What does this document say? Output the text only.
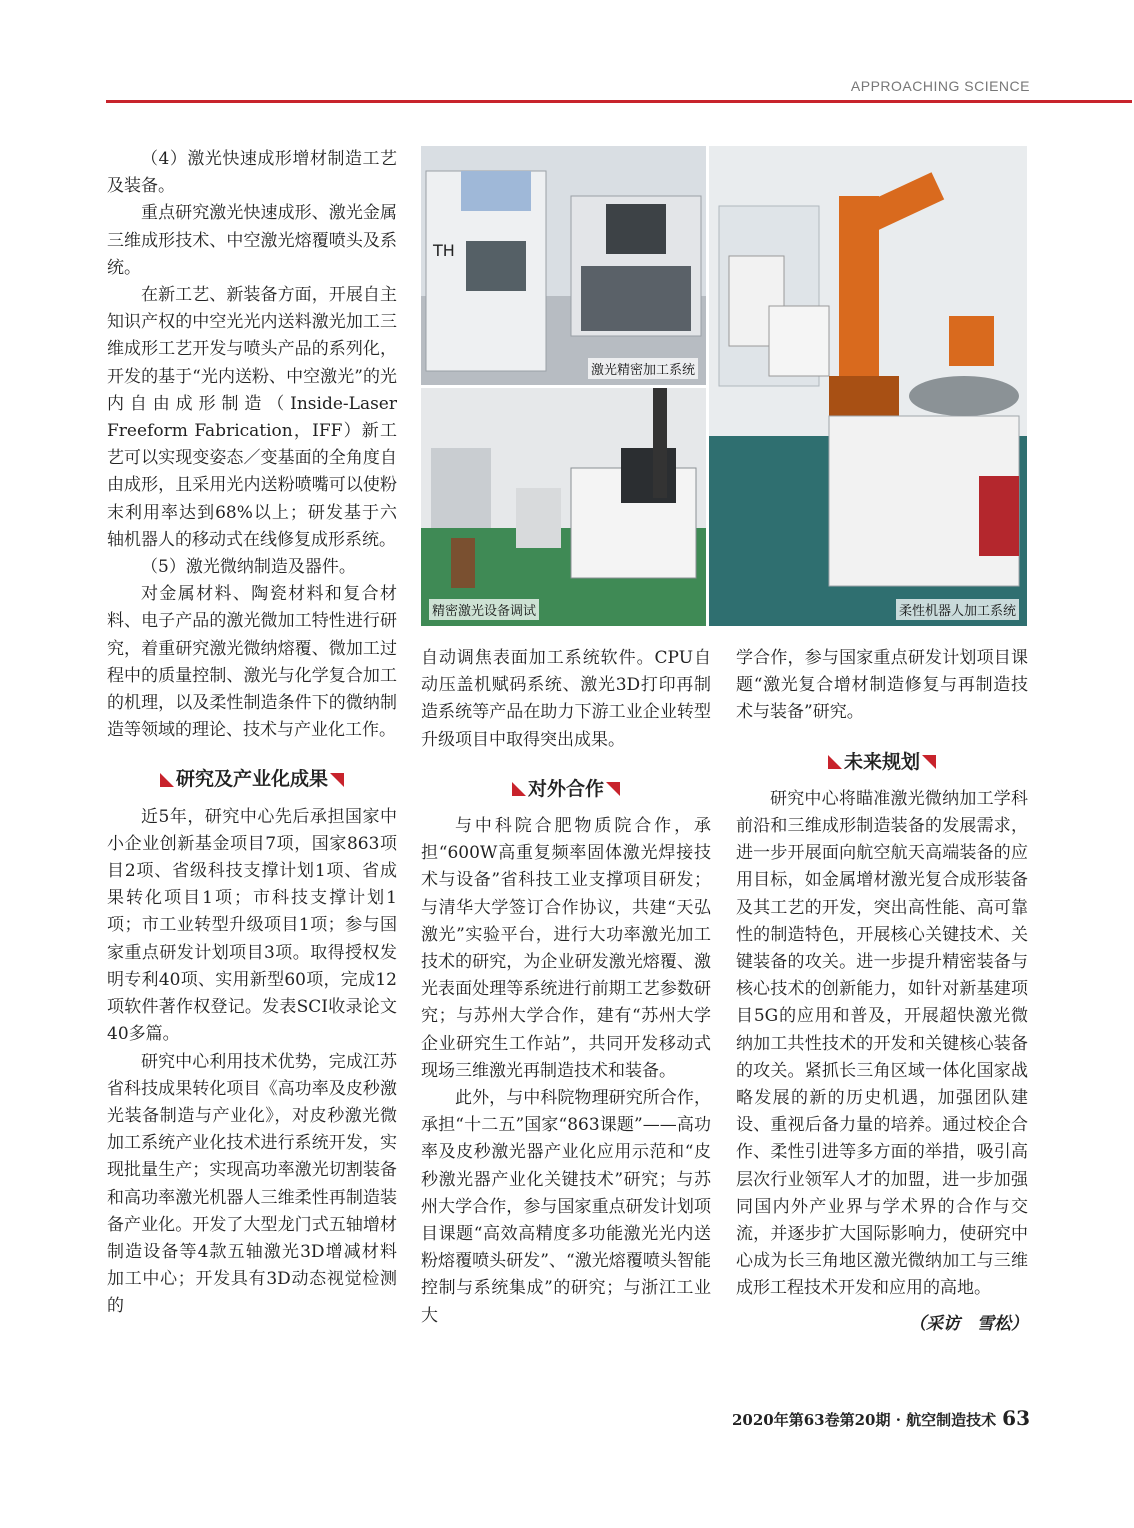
APPROACHING SCIENCE

（4）激光快速成形增材制造工艺及装备。

重点研究激光快速成形、激光金属三维成形技术、中空激光熔覆喷头及系统。

在新工艺、新装备方面，开展自主知识产权的中空光光内送料激光加工三维成形工艺开发与喷头产品的系列化，开发的基于“光内送粉、中空激光”的光内自由成形制造（Inside-Laser Freeform Fabrication，IFF）新工艺可以实现变姿态／变基面的全角度自由成形，且采用光内送粉喷嘴可以使粉末利用率达到68%以上；研发基于六轴机器人的移动式在线修复成形系统。

（5）激光微纳制造及器件。

对金属材料、陶瓷材料和复合材料、电子产品的激光微加工特性进行研究，着重研究激光微纳熔覆、微加工过程中的质量控制、激光与化学复合加工的机理，以及柔性制造条件下的微纳制造等领域的理论、技术与产业化工作。

研究及产业化成果

近5年，研究中心先后承担国家中小企业创新基金项目7项，国家863项目2项、省级科技支撑计划1项、省成果转化项目1项；市科技支撑计划1项；市工业转型升级项目1项；参与国家重点研发计划项目3项。取得授权发明专利40项、实用新型60项，完成12项软件著作权登记。发表SCI收录论文40多篇。

研究中心利用技术优势，完成江苏省科技成果转化项目《高功率及皮秒激光装备制造与产业化》，对皮秒激光微加工系统产业化技术进行系统开发，实现批量生产；实现高功率激光切割装备和高功率激光机器人三维柔性再制造装备产业化。开发了大型龙门式五轴增材制造设备等4款五轴激光3D增减材料加工中心；开发具有3D动态视觉检测的

TH
激光精密加工系统
精密激光设备调试	柔性机器人加工系统

自动调焦表面加工系统软件。CPU自动压盖机赋码系统、激光3D打印再制造系统等产品在助力下游工业企业转型升级项目中取得突出成果。

对外合作

与中科院合肥物质院合作，承担“600W高重复频率固体激光焊接技术与设备”省科技工业支撑项目研发；与清华大学签订合作协议，共建“天弘激光”实验平台，进行大功率激光加工技术的研究，为企业研发激光熔覆、激光表面处理等系统进行前期工艺参数研究；与苏州大学合作，建有“苏州大学企业研究生工作站”，共同开发移动式现场三维激光再制造技术和装备。

此外，与中科院物理研究所合作，承担“十二五”国家“863课题”——高功率及皮秒激光器产业化应用示范和“皮秒激光器产业化关键技术”研究；与苏州大学合作，参与国家重点研发计划项目课题“高效高精度多功能激光光内送粉熔覆喷头研发”、“激光熔覆喷头智能控制与系统集成”的研究；与浙江工业大

学合作，参与国家重点研发计划项目课题“激光复合增材制造修复与再制造技术与装备”研究。

未来规划

研究中心将瞄准激光微纳加工学科前沿和三维成形制造装备的发展需求，进一步开展面向航空航天高端装备的应用目标，如金属增材激光复合成形装备及其工艺的开发，突出高性能、高可靠性的制造特色，开展核心关键技术、关键装备的攻关。进一步提升精密装备与核心技术的创新能力，如针对新基建项目5G的应用和普及，开展超快激光微纳加工共性技术的开发和关键核心装备的攻关。紧抓长三角区域一体化国家战略发展的新的历史机遇，加强团队建设、重视后备力量的培养。通过校企合作、柔性引进等多方面的举措，吸引高层次行业领军人才的加盟，进一步加强同国内外产业界与学术界的合作与交流，并逐步扩大国际影响力，使研究中心成为长三角地区激光微纳加工与三维成形工程技术开发和应用的高地。

（采访　雪松）
2020年第63卷第20期 · 航空制造技术 63
